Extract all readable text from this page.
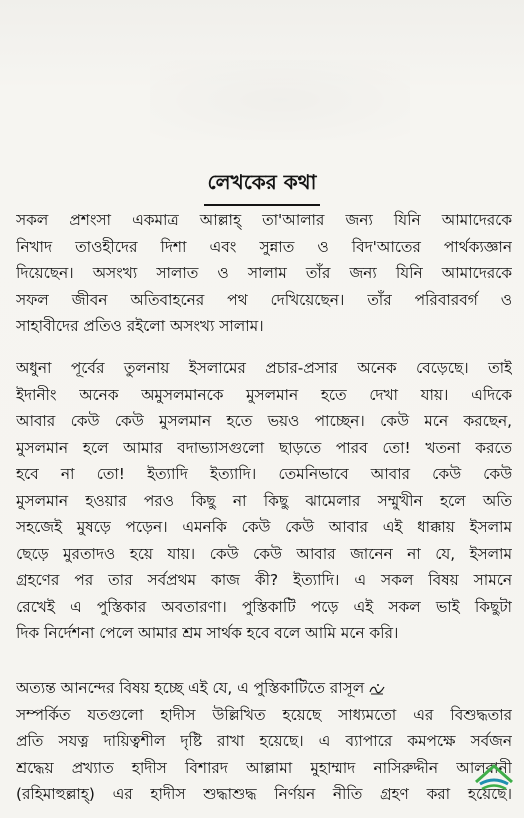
লেখকের কথা
সকল প্রশংসা একমাত্র আল্লাহ্ তা'আলার জন্য যিনি আমাদেরকে
নিখাদ তাওহীদের দিশা এবং সুন্নাত ও বিদ'আতের পার্থক্যজ্ঞান
দিয়েছেন। অসংখ্য সালাত ও সালাম তাঁর জন্য যিনি আমাদেরকে
সফল জীবন অতিবাহনের পথ দেখিয়েছেন। তাঁর পরিবারবর্গ ও
সাহাবীদের প্রতিও রইলো অসংখ্য সালাম।
অধুনা পূর্বের তুলনায় ইসলামের প্রচার-প্রসার অনেক বেড়েছে। তাই
ইদানীং অনেক অমুসলমানকে মুসলমান হতে দেখা যায়। এদিকে
আবার কেউ কেউ মুসলমান হতে ভয়ও পাচ্ছেন। কেউ মনে করছেন,
মুসলমান হলে আমার বদাভ্যাসগুলো ছাড়তে পারব তো! খতনা করতে
হবে না তো! ইত্যাদি ইত্যাদি। তেমনিভাবে আবার কেউ কেউ
মুসলমান হওয়ার পরও কিছু না কিছু ঝামেলার সম্মুখীন হলে অতি
সহজেই মুষড়ে পড়েন। এমনকি কেউ কেউ আবার এই ধাক্কায় ইসলাম
ছেড়ে মুরতাদও হয়ে যায়। কেউ কেউ আবার জানেন না যে, ইসলাম
গ্রহণের পর তার সর্বপ্রথম কাজ কী? ইত্যাদি। এ সকল বিষয় সামনে
রেখেই এ পুস্তিকার অবতারণা। পুস্তিকাটি পড়ে এই সকল ভাই কিছুটা
দিক নির্দেশনা পেলে আমার শ্রম সার্থক হবে বলে আমি মনে করি।
অত্যন্ত আনন্দের বিষয় হচ্ছে এই যে, এ পুস্তিকাটিতে রাসূল
সম্পর্কিত যতগুলো হাদীস উল্লিখিত হয়েছে সাধ্যমতো এর বিশুদ্ধতার
প্রতি সযত্ন দায়িত্বশীল দৃষ্টি রাখা হয়েছে। এ ব্যাপারে কমপক্ষে সর্বজন
শ্রদ্ধেয় প্রখ্যাত হাদীস বিশারদ আল্লামা মুহাম্মাদ নাসিরুদ্দীন আলবানী
(রহিমাহুল্লাহ্) এর হাদীস শুদ্ধাশুদ্ধ নির্ণয়ন নীতি গ্রহণ করা হয়েছে।
